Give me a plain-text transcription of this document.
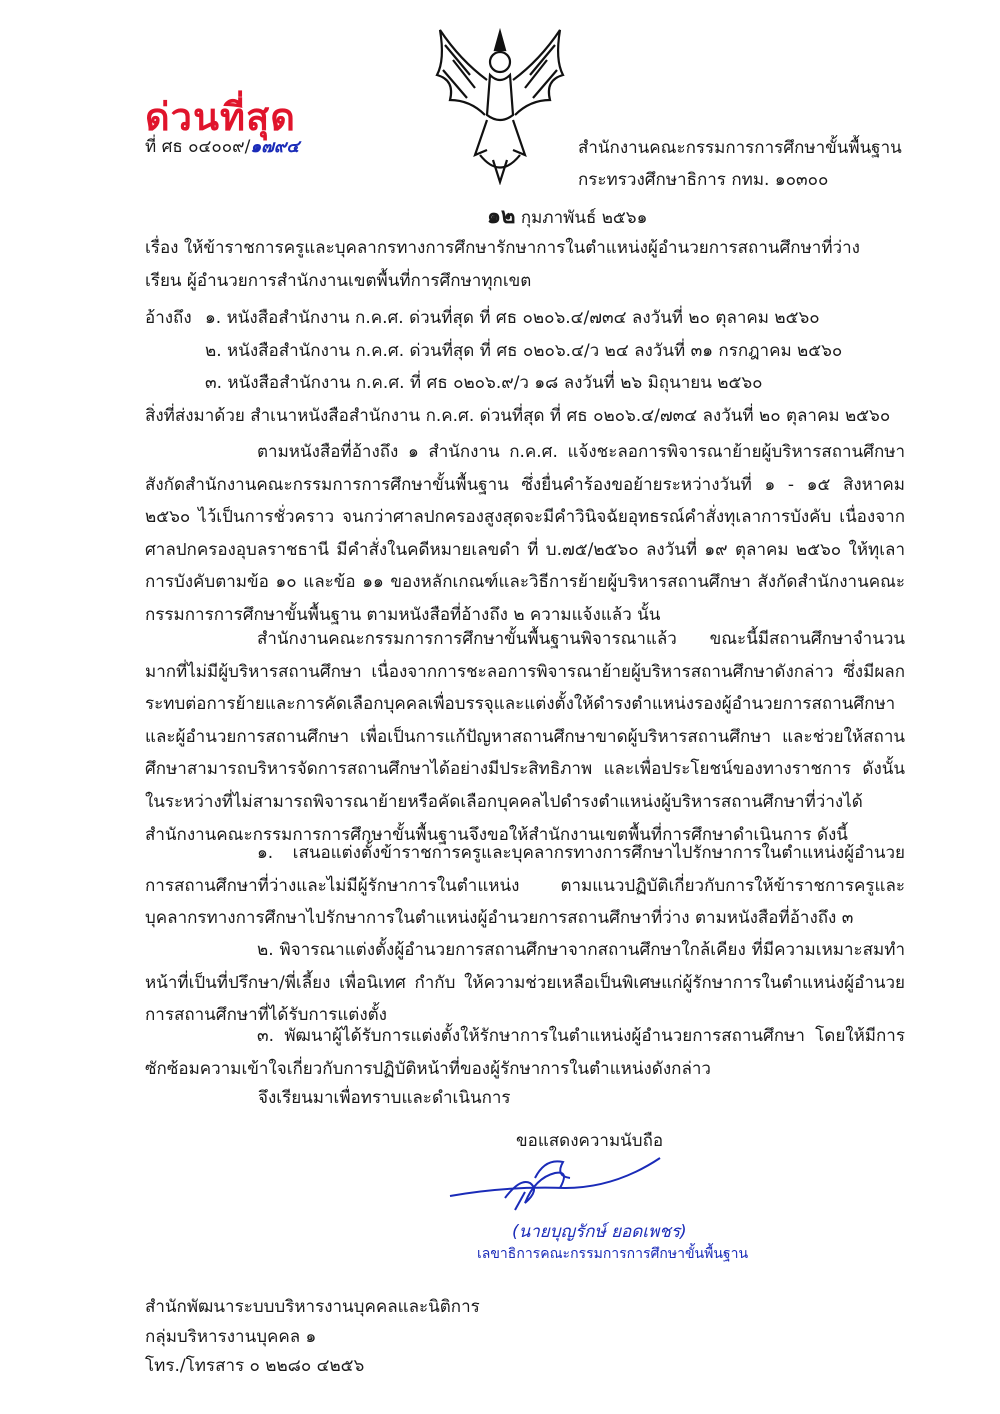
ด่วนที่สุด
ที่ ศธ ๐๔๐๐๙/๑๗๙๔	สำนักงานคณะกรรมการการศึกษาขั้นพื้นฐาน
กระทรวงศึกษาธิการ กทม. ๑๐๓๐๐
๑๒ กุมภาพันธ์ ๒๕๖๑
เรื่อง ให้ข้าราชการครูและบุคลากรทางการศึกษารักษาการในตำแหน่งผู้อำนวยการสถานศึกษาที่ว่าง
เรียน ผู้อำนวยการสำนักงานเขตพื้นที่การศึกษาทุกเขต
อ้างถึง ๑. หนังสือสำนักงาน ก.ค.ศ. ด่วนที่สุด ที่ ศธ ๐๒๐๖.๔/๗๓๔ ลงวันที่ ๒๐ ตุลาคม ๒๕๖๐
๒. หนังสือสำนักงาน ก.ค.ศ. ด่วนที่สุด ที่ ศธ ๐๒๐๖.๔/ว ๒๔ ลงวันที่ ๓๑ กรกฎาคม ๒๕๖๐
๓. หนังสือสำนักงาน ก.ค.ศ. ที่ ศธ ๐๒๐๖.๙/ว ๑๘ ลงวันที่ ๒๖ มิถุนายน ๒๕๖๐
สิ่งที่ส่งมาด้วย สำเนาหนังสือสำนักงาน ก.ค.ศ. ด่วนที่สุด ที่ ศธ ๐๒๐๖.๔/๗๓๔ ลงวันที่ ๒๐ ตุลาคม ๒๕๖๐
ตามหนังสือที่อ้างถึง ๑ สำนักงาน ก.ค.ศ. แจ้งชะลอการพิจารณาย้ายผู้บริหารสถานศึกษา สังกัดสำนักงานคณะกรรมการการศึกษาขั้นพื้นฐาน ซึ่งยื่นคำร้องขอย้ายระหว่างวันที่ ๑ - ๑๕ สิงหาคม ๒๕๖๐ ไว้เป็นการชั่วคราว จนกว่าศาลปกครองสูงสุดจะมีคำวินิจฉัยอุทธรณ์คำสั่งทุเลาการบังคับ เนื่องจากศาลปกครองอุบลราชธานี มีคำสั่งในคดีหมายเลขดำ ที่ บ.๗๕/๒๕๖๐ ลงวันที่ ๑๙ ตุลาคม ๒๕๖๐ ให้ทุเลาการบังคับตามข้อ ๑๐ และข้อ ๑๑ ของหลักเกณฑ์และวิธีการย้ายผู้บริหารสถานศึกษา สังกัดสำนักงานคณะกรรมการการศึกษาขั้นพื้นฐาน ตามหนังสือที่อ้างถึง ๒ ความแจ้งแล้ว นั้น
สำนักงานคณะกรรมการการศึกษาขั้นพื้นฐานพิจารณาแล้ว ขณะนี้มีสถานศึกษาจำนวนมากที่ไม่มีผู้บริหารสถานศึกษา เนื่องจากการชะลอการพิจารณาย้ายผู้บริหารสถานศึกษาดังกล่าว ซึ่งมีผลกระทบต่อการย้ายและการคัดเลือกบุคคลเพื่อบรรจุและแต่งตั้งให้ดำรงตำแหน่งรองผู้อำนวยการสถานศึกษาและผู้อำนวยการสถานศึกษา เพื่อเป็นการแก้ปัญหาสถานศึกษาขาดผู้บริหารสถานศึกษา และช่วยให้สถานศึกษาสามารถบริหารจัดการสถานศึกษาได้อย่างมีประสิทธิภาพ และเพื่อประโยชน์ของทางราชการ ดังนั้น ในระหว่างที่ไม่สามารถพิจารณาย้ายหรือคัดเลือกบุคคลไปดำรงตำแหน่งผู้บริหารสถานศึกษาที่ว่างได้ สำนักงานคณะกรรมการการศึกษาขั้นพื้นฐานจึงขอให้สำนักงานเขตพื้นที่การศึกษาดำเนินการ ดังนี้
๑. เสนอแต่งตั้งข้าราชการครูและบุคลากรทางการศึกษาไปรักษาการในตำแหน่งผู้อำนวยการสถานศึกษาที่ว่างและไม่มีผู้รักษาการในตำแหน่ง ตามแนวปฏิบัติเกี่ยวกับการให้ข้าราชการครูและบุคลากรทางการศึกษาไปรักษาการในตำแหน่งผู้อำนวยการสถานศึกษาที่ว่าง ตามหนังสือที่อ้างถึง ๓
๒. พิจารณาแต่งตั้งผู้อำนวยการสถานศึกษาจากสถานศึกษาใกล้เคียง ที่มีความเหมาะสมทำหน้าที่เป็นที่ปรึกษา/พี่เลี้ยง เพื่อนิเทศ กำกับ ให้ความช่วยเหลือเป็นพิเศษแก่ผู้รักษาการในตำแหน่งผู้อำนวยการสถานศึกษาที่ได้รับการแต่งตั้ง
๓. พัฒนาผู้ได้รับการแต่งตั้งให้รักษาการในตำแหน่งผู้อำนวยการสถานศึกษา โดยให้มีการซักซ้อมความเข้าใจเกี่ยวกับการปฏิบัติหน้าที่ของผู้รักษาการในตำแหน่งดังกล่าว
จึงเรียนมาเพื่อทราบและดำเนินการ
ขอแสดงความนับถือ
(นายบุญรักษ์ ยอดเพชร)
เลขาธิการคณะกรรมการการศึกษาขั้นพื้นฐาน
สำนักพัฒนาระบบบริหารงานบุคคลและนิติการ
กลุ่มบริหารงานบุคคล ๑
โทร./โทรสาร ๐ ๒๒๘๐ ๔๒๕๖
